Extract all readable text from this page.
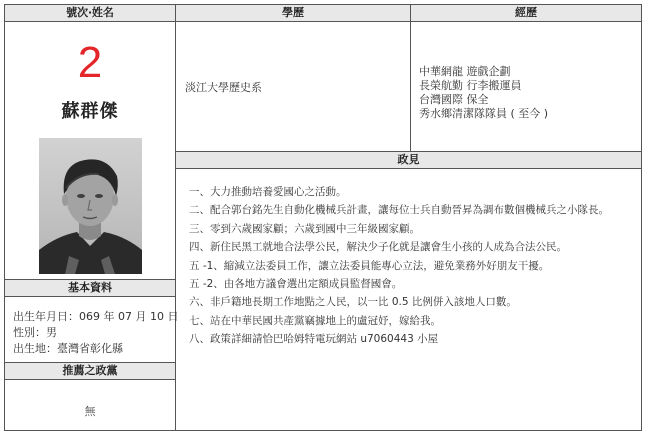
號次‧姓名	學歷	經歷
2
蘇群傑
基本資料
出生年月日：069 年 07 月 10 日
性別：男
出生地：臺灣省彰化縣
推薦之政黨
無
淡江大學歷史系
中華網龍 遊戲企劃
長榮航勤 行李搬運員
台灣國際 保全
秀水鄉清潔隊隊員 ( 至今 )
政見
一、大力推動培養愛國心之活動。
二、配合郭台銘先生自動化機械兵計畫，讓每位士兵自動晉昇為調布數個機械兵之小隊長。
三、零到六歲國家顧；六歲到國中三年級國家顧。
四、新住民黑工就地合法學公民，解決少子化就是讓會生小孩的人成為合法公民。
五 -1、縮減立法委員工作，讓立法委員能專心立法，避免業務外好朋友干擾。
五 -2、由各地方議會選出定額成員監督國會。
六、非戶籍地長期工作地點之人民，以一比 0.5 比例併入該地人口數。
七、站在中華民國共產黨竊據地上的盧冠妤，嫁給我。
八、政策詳細請恰巴哈姆特電玩網站 u7060443 小屋
